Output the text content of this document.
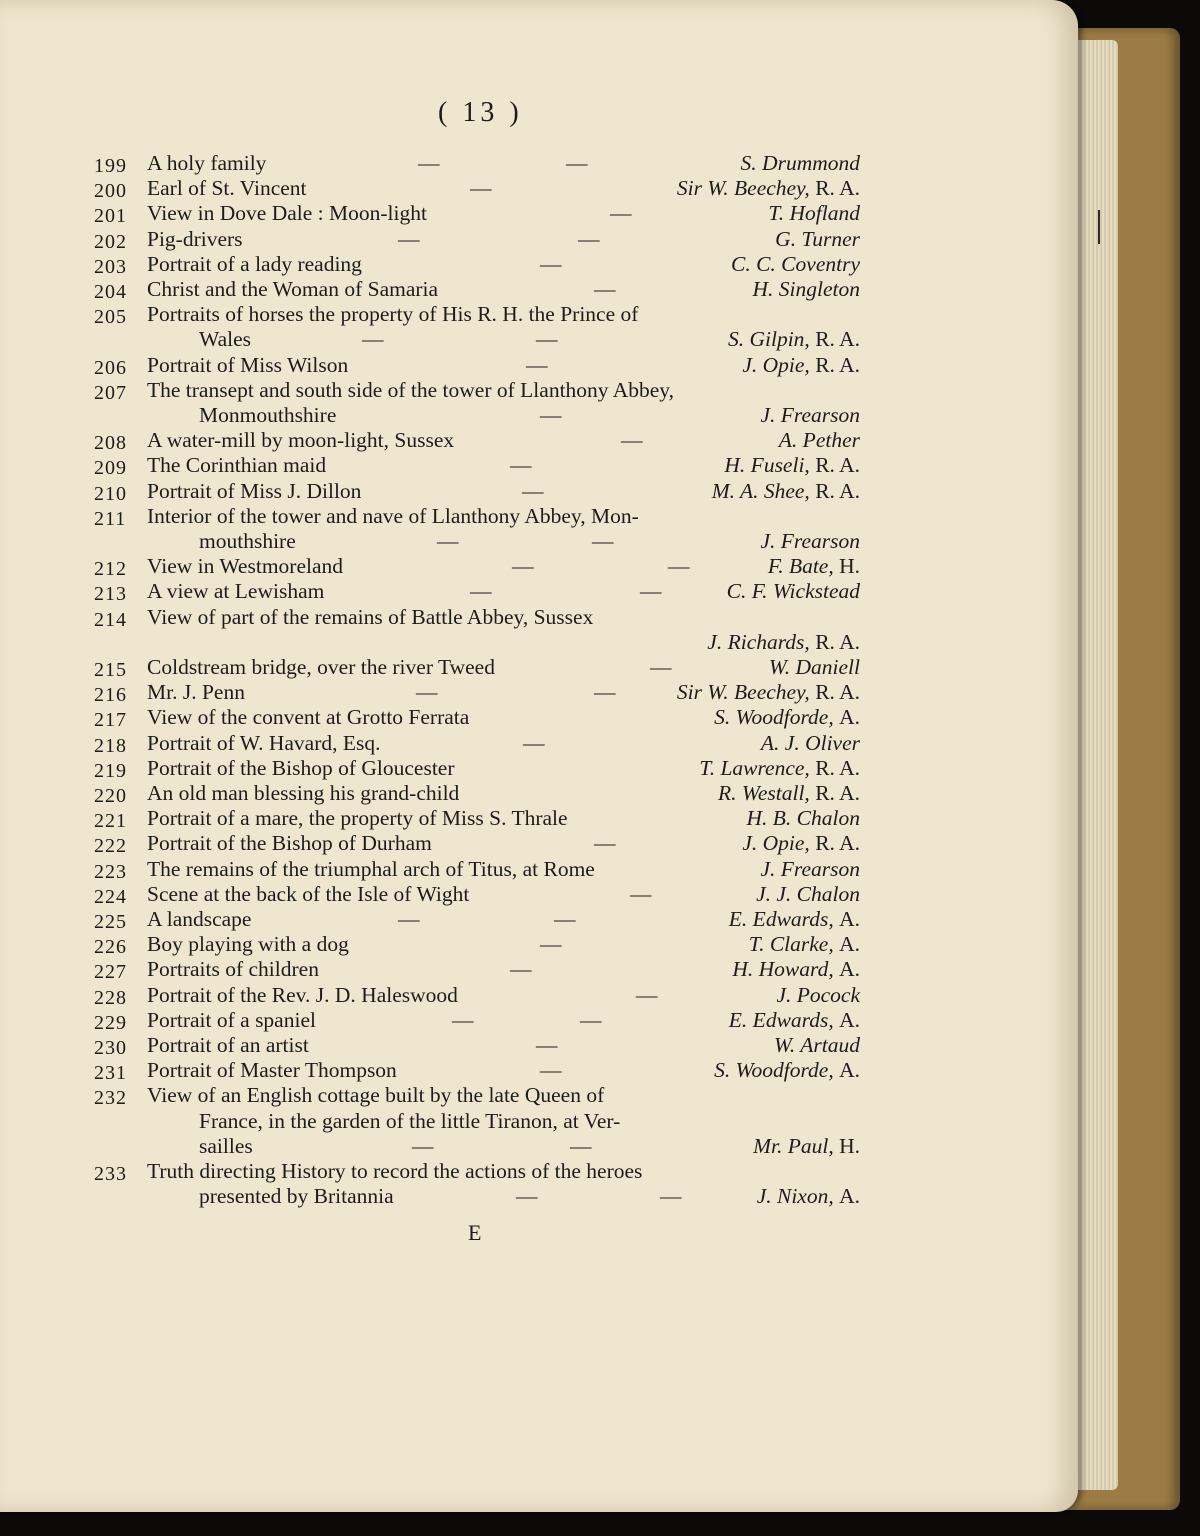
( 13 )
199 A holy family	—	—	S. Drummond
200 Earl of St. Vincent	—	Sir W. Beechey, R. A.
201 View in Dove Dale : Moon-light	—	T. Hofland
202 Pig-drivers	—	—	G. Turner
203 Portrait of a lady reading	—	C. C. Coventry
204 Christ and the Woman of Samaria	—	H. Singleton
205 Portraits of horses the property of His R. H. the Prince of
Wales	—	—	S. Gilpin, R. A.
206 Portrait of Miss Wilson	—	J. Opie, R. A.
207 The transept and south side of the tower of Llanthony Abbey,
Monmouthshire	—	J. Frearson
208 A water-mill by moon-light, Sussex	—	A. Pether
209 The Corinthian maid	—	H. Fuseli, R. A.
210 Portrait of Miss J. Dillon	—	M. A. Shee, R. A.
211 Interior of the tower and nave of Llanthony Abbey, Mon-
mouthshire	—	—	J. Frearson
212 View in Westmoreland	—	—	F. Bate, H.
213 A view at Lewisham	—	—	C. F. Wickstead
214 View of part of the remains of Battle Abbey, Sussex
J. Richards, R. A.
215 Coldstream bridge, over the river Tweed	—	W. Daniell
216 Mr. J. Penn	—	—	Sir W. Beechey, R. A.
217 View of the convent at Grotto Ferrata	S. Woodforde, A.
218 Portrait of W. Havard, Esq.	—	A. J. Oliver
219 Portrait of the Bishop of Gloucester	T. Lawrence, R. A.
220 An old man blessing his grand-child	R. Westall, R. A.
221 Portrait of a mare, the property of Miss S. Thrale	H. B. Chalon
222 Portrait of the Bishop of Durham	—	J. Opie, R. A.
223 The remains of the triumphal arch of Titus, at Rome	J. Frearson
224 Scene at the back of the Isle of Wight	—	J. J. Chalon
225 A landscape	—	—	E. Edwards, A.
226 Boy playing with a dog	—	T. Clarke, A.
227 Portraits of children	—	H. Howard, A.
228 Portrait of the Rev. J. D. Haleswood	—	J. Pocock
229 Portrait of a spaniel	—	—	E. Edwards, A.
230 Portrait of an artist	—	W. Artaud
231 Portrait of Master Thompson	—	S. Woodforde, A.
232 View of an English cottage built by the late Queen of
France, in the garden of the little Tiranon, at Ver-
sailles	—	—	Mr. Paul, H.
233 Truth directing History to record the actions of the heroes
presented by Britannia	—	—	J. Nixon, A.
E
